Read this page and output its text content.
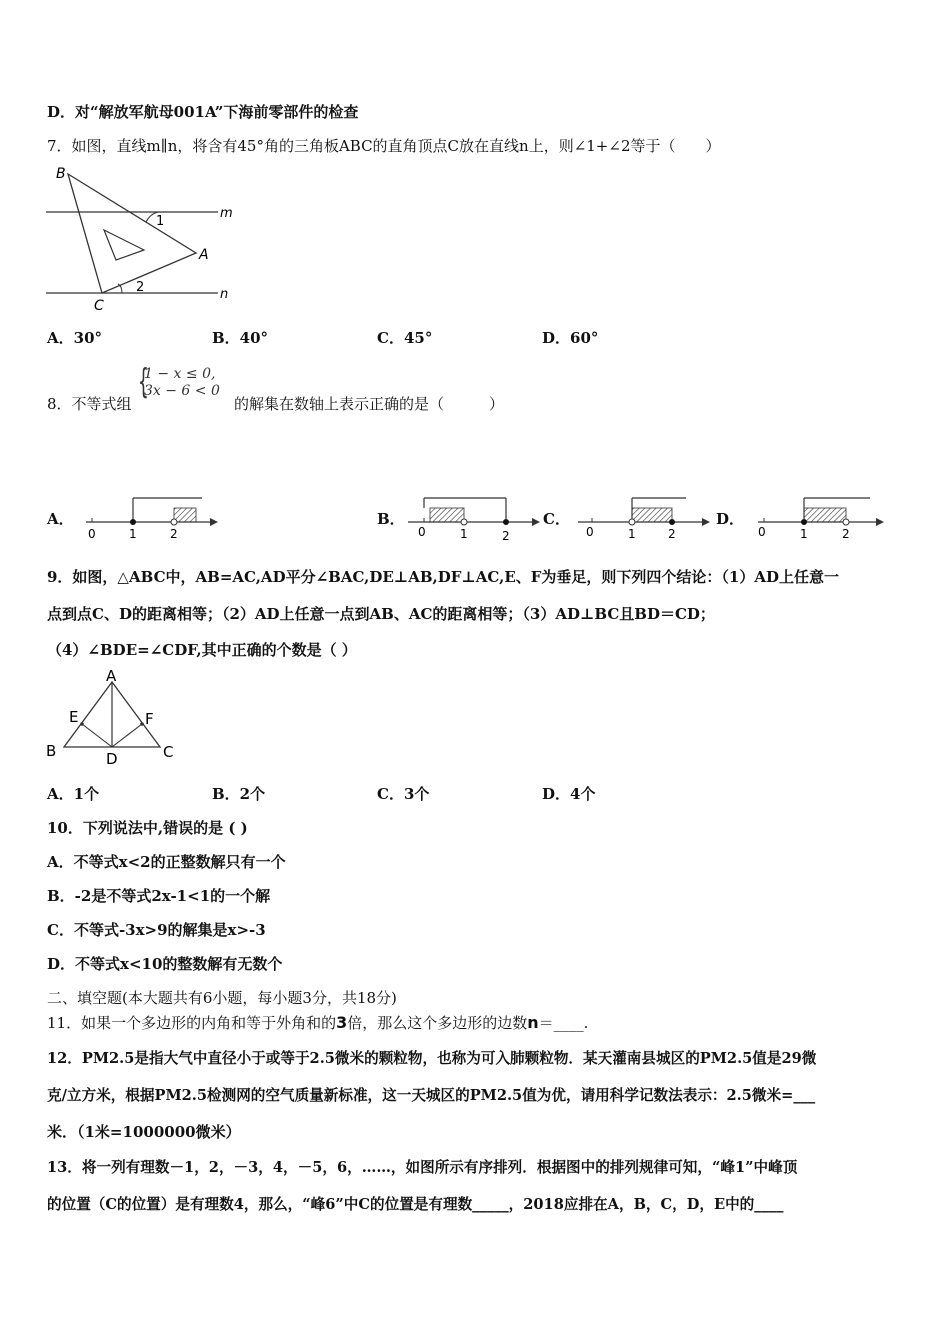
D．对“解放军航母001A”下海前零部件的检查
7．如图，直线m∥n，将含有45°角的三角板ABC的直角顶点C放在直线n上，则∠1+∠2等于（　　）
B
A
C
m
n
1
2
A．30°	B．40°	C．45°	D．60°
8．不等式组
{
1 − x ≤ 0,
3x − 6 < 0
的解集在数轴上表示正确的是（　　　）
A．
0	1	2
B．
0	1	2
C．
0	1	2
D．
0	1	2
9．如图，△ABC中，AB=AC,AD平分∠BAC,DE⊥AB,DF⊥AC,E、F为垂足，则下列四个结论：（1）AD上任意一
点到点C、D的距离相等；（2）AD上任意一点到AB、AC的距离相等；（3）AD⊥BC且BD＝CD；
（4）∠BDE=∠CDF,其中正确的个数是（ ）
A
E	F
B	D	C
A．1个	B．2个	C．3个	D．4个
10．下列说法中,错误的是 ( )
A．不等式x<2的正整数解只有一个
B．-2是不等式2x-1<1的一个解
C．不等式-3x>9的解集是x>-3
D．不等式x<10的整数解有无数个
二、填空题(本大题共有6小题，每小题3分，共18分)
11．如果一个多边形的内角和等于外角和的3倍，那么这个多边形的边数n＝____.
12．PM2.5是指大气中直径小于或等于2.5微米的颗粒物，也称为可入肺颗粒物．某天灌南县城区的PM2.5值是29微
克/立方米，根据PM2.5检测网的空气质量新标准，这一天城区的PM2.5值为优，请用科学记数法表示：2.5微米=___
米．（1米=1000000微米）
13．将一列有理数－1，2，－3，4，－5，6，……，如图所示有序排列．根据图中的排列规律可知，“峰1”中峰顶
的位置（C的位置）是有理数4，那么，“峰6”中C的位置是有理数_____，2018应排在A，B，C，D，E中的____
